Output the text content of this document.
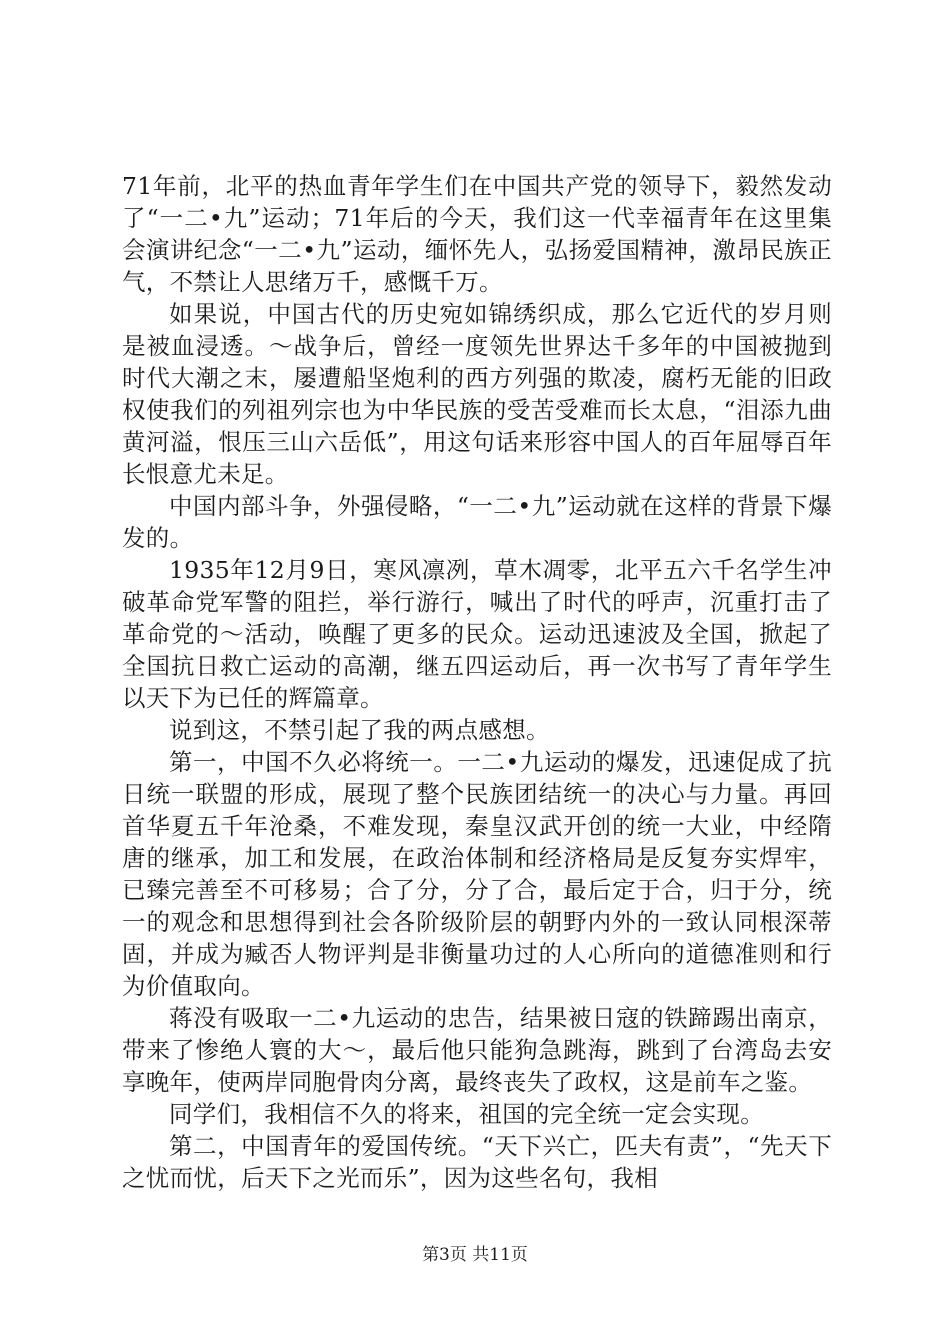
71年前，北平的热血青年学生们在中国共产党的领导下，毅然发动了“一二•九”运动；71年后的今天，我们这一代幸福青年在这里集会演讲纪念“一二•九”运动，缅怀先人，弘扬爱国精神，激昂民族正气，不禁让人思绪万千，感慨千万。

如果说，中国古代的历史宛如锦绣织成，那么它近代的岁月则是被血浸透。～战争后，曾经一度领先世界达千多年的中国被抛到时代大潮之末，屡遭船坚炮利的西方列强的欺凌，腐朽无能的旧政权使我们的列祖列宗也为中华民族的受苦受难而长太息，“泪添九曲黄河溢，恨压三山六岳低”，用这句话来形容中国人的百年屈辱百年长恨意尤未足。

中国内部斗争，外强侵略，“一二•九”运动就在这样的背景下爆发的。

1935年12月9日，寒风凛冽，草木凋零，北平五六千名学生冲破革命党军警的阻拦，举行游行，喊出了时代的呼声，沉重打击了革命党的～活动，唤醒了更多的民众。运动迅速波及全国，掀起了全国抗日救亡运动的高潮，继五四运动后，再一次书写了青年学生以天下为已任的辉篇章。

说到这，不禁引起了我的两点感想。

第一，中国不久必将统一。一二•九运动的爆发，迅速促成了抗日统一联盟的形成，展现了整个民族团结统一的决心与力量。再回首华夏五千年沧桑，不难发现，秦皇汉武开创的统一大业，中经隋唐的继承，加工和发展，在政治体制和经济格局是反复夯实焊牢，已臻完善至不可移易；合了分，分了合，最后定于合，归于分，统一的观念和思想得到社会各阶级阶层的朝野内外的一致认同根深蒂固，并成为臧否人物评判是非衡量功过的人心所向的道德准则和行为价值取向。

蒋没有吸取一二•九运动的忠告，结果被日寇的铁蹄踢出南京，带来了惨绝人寰的大～，最后他只能狗急跳海，跳到了台湾岛去安享晚年，使两岸同胞骨肉分离，最终丧失了政权，这是前车之鉴。

同学们，我相信不久的将来，祖国的完全统一定会实现。

第二，中国青年的爱国传统。“天下兴亡，匹夫有责”，“先天下之忧而忧，后天下之光而乐”，因为这些名句，我相

第3页 共11页
